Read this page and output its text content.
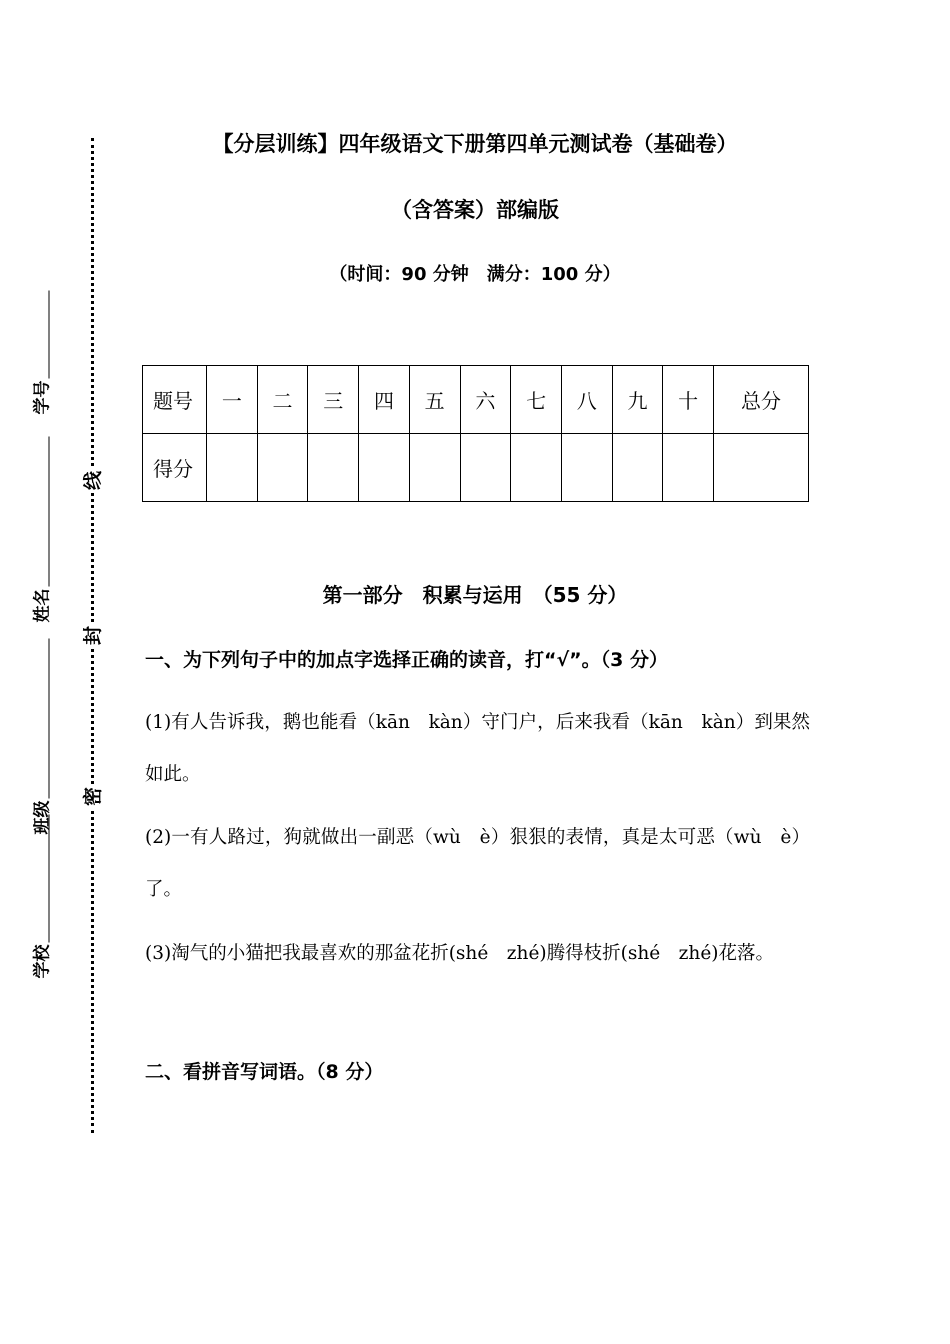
线
封
密
学号
姓名
班级
学校
【分层训练】四年级语文下册第四单元测试卷（基础卷）
（含答案）部编版
（时间：90 分钟　满分：100 分）
题号	一	二	三	四	五	六	七	八	九	十	总分
得分											
第一部分　积累与运用　（55 分）
一、为下列句子中的加点字选择正确的读音，打“√”。（3 分）
(1)有人告诉我，鹅也能看（kān　kàn）守门户，后来我看（kān　kàn）到果然如此。
(2)一有人路过，狗就做出一副恶（wù　è）狠狠的表情，真是太可恶（wù　è）了。
(3)淘气的小猫把我最喜欢的那盆花折(shé　zhé)腾得枝折(shé　zhé)花落。
二、看拼音写词语。（8 分）
